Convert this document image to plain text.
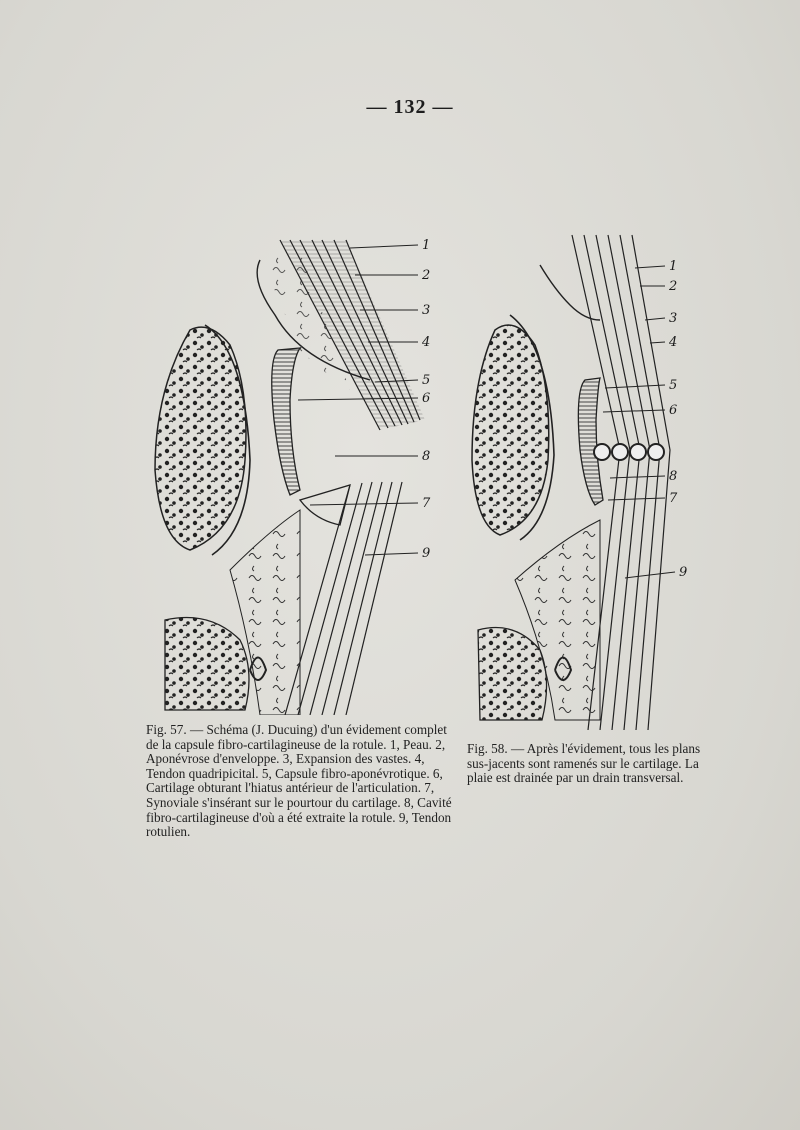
— 132 —
1
2
3
4
5
6
8
7
9
1
2
3
4
5
6
8
7
9
Fig. 57. — Schéma (J. Ducuing) d'un évidement complet de la capsule fibro-cartilagineuse de la rotule. 1, Peau. 2, Aponévrose d'enveloppe. 3, Expansion des vastes. 4, Tendon quadripicital. 5, Capsule fibro-aponévrotique. 6, Cartilage obturant l'hiatus antérieur de l'articulation. 7, Synoviale s'insérant sur le pourtour du cartilage. 8, Cavité fibro-cartilagineuse d'où a été extraite la rotule. 9, Tendon rotulien.
Fig. 58. — Après l'évidement, tous les plans sus-jacents sont ramenés sur le cartilage. La plaie est drainée par un drain transversal.
